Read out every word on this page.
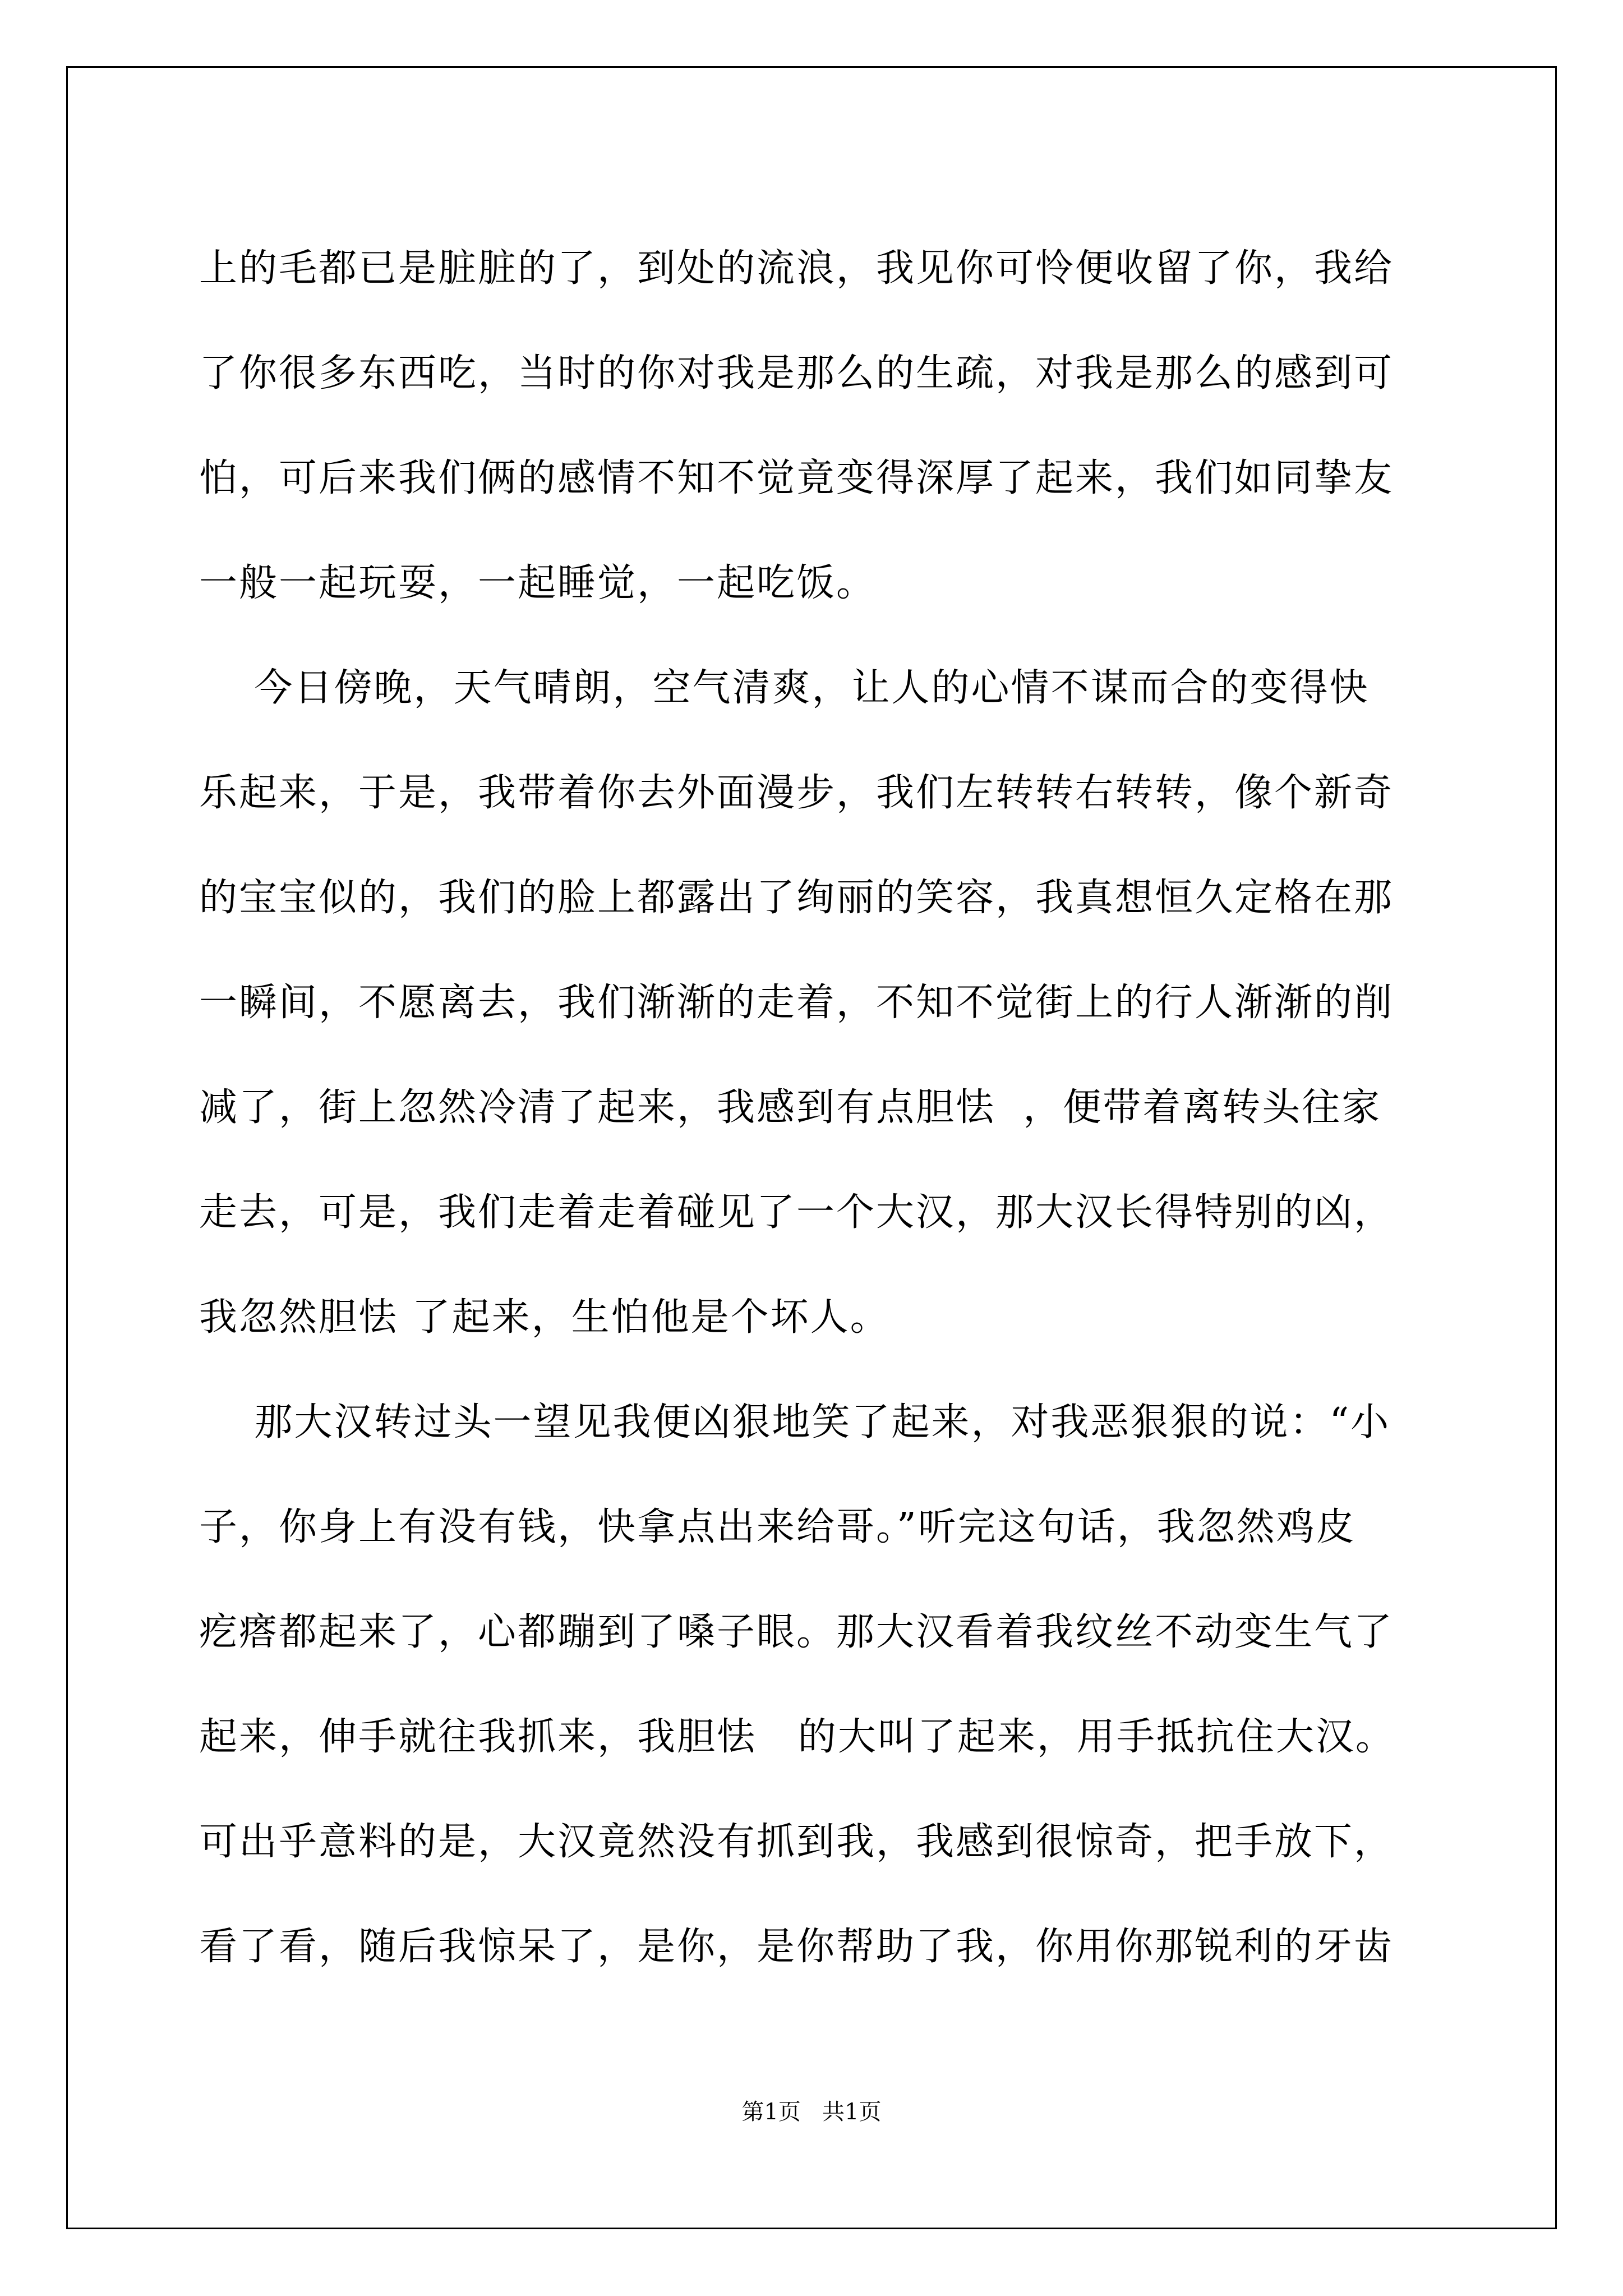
上的毛都已是脏脏的了，到处的流浪，我见你可怜便收留了你，我给
了你很多东西吃，当时的你对我是那么的生疏，对我是那么的感到可
怕，可后来我们俩的感情不知不觉竟变得深厚了起来，我们如同挚友
一般一起玩耍，一起睡觉，一起吃饭。
今日傍晚，天气晴朗，空气清爽，让人的心情不谋而合的变得快
乐起来，于是，我带着你去外面漫步，我们左转转右转转，像个新奇
的宝宝似的，我们的脸上都露出了绚丽的笑容，我真想恒久定格在那
一瞬间，不愿离去，我们渐渐的走着，不知不觉街上的行人渐渐的削
减了，街上忽然冷清了起来，我感到有点胆怯  ，便带着离转头往家
走去，可是，我们走着走着碰见了一个大汉，那大汉长得特别的凶，
我忽然胆怯 了起来，生怕他是个坏人。
那大汉转过头一望见我便凶狠地笑了起来，对我恶狠狠的说：“小
子，你身上有没有钱，快拿点出来给哥。”听完这句话，我忽然鸡皮
疙瘩都起来了，心都蹦到了嗓子眼。那大汉看着我纹丝不动变生气了
起来，伸手就往我抓来，我胆怯   的大叫了起来，用手抵抗住大汉。
可出乎意料的是，大汉竟然没有抓到我，我感到很惊奇，把手放下，
看了看，随后我惊呆了，是你，是你帮助了我，你用你那锐利的牙齿
第1页   共1页
